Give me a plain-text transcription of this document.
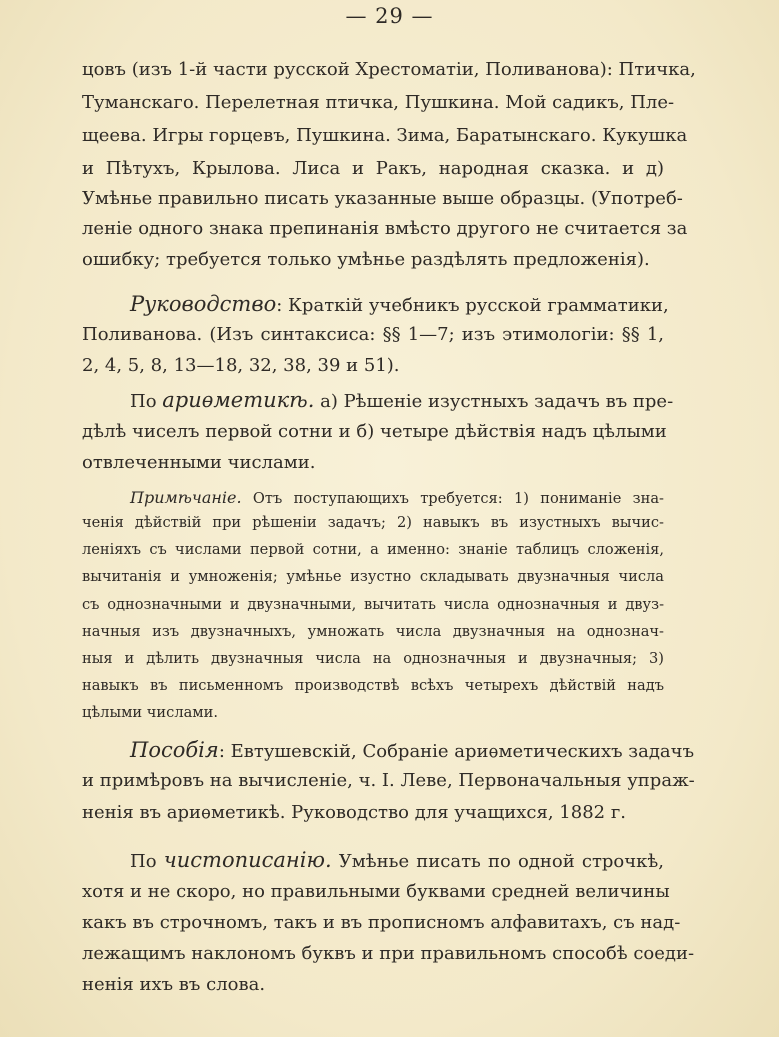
— 29 —
цовъ (изъ 1-й части русской Хрестоматіи, Поливанова): Птичка,
Туманскаго. Перелетная птичка, Пушкина. Мой садикъ, Пле-
щеева. Игры горцевъ, Пушкина. Зима, Баратынскаго. Кукушка
и Пѣтухъ, Крылова. Лиса и Ракъ, народная сказка. и д)
Умѣнье правильно писать указанные выше образцы. (Употреб-
леніе одного знака препинанія вмѣсто другого не считается за
ошибку; требуется только умѣнье раздѣлять предложенія).
Руководство: Краткій учебникъ русской грамматики,
Поливанова. (Изъ синтаксиса: §§ 1—7; изъ этимологіи: §§ 1,
2, 4, 5, 8, 13—18, 32, 38, 39 и 51).
По ариѳметикѣ. а) Рѣшеніе изустныхъ задачъ въ пре-
дѣлѣ чиселъ первой сотни и б) четыре дѣйствія надъ цѣлыми
отвлеченными числами.
Примѣчаніе. Отъ поступающихъ требуется: 1) пониманіе зна-
ченія дѣйствій при рѣшеніи задачъ; 2) навыкъ въ изустныхъ вычис-
леніяхъ съ числами первой сотни, а именно: знаніе таблицъ сложенія,
вычитанія и умноженія; умѣнье изустно складывать двузначныя числа
съ однозначными и двузначными, вычитать числа однозначныя и двуз-
начныя изъ двузначныхъ, умножать числа двузначныя на однознач-
ныя и дѣлить двузначныя числа на однозначныя и двузначныя; 3)
навыкъ въ письменномъ производствѣ всѣхъ четырехъ дѣйствій надъ
цѣлыми числами.
Пособія: Евтушевскій, Собраніе ариѳметическихъ задачъ
и примѣровъ на вычисленіе, ч. I. Леве, Первоначальныя упраж-
ненія въ ариѳметикѣ. Руководство для учащихся, 1882 г.
По чистописанію. Умѣнье писать по одной строчкѣ,
хотя и не скоро, но правильными буквами средней величины
какъ въ строчномъ, такъ и въ прописномъ алфавитахъ, съ над-
лежащимъ наклономъ буквъ и при правильномъ способѣ соеди-
ненія ихъ въ слова.
